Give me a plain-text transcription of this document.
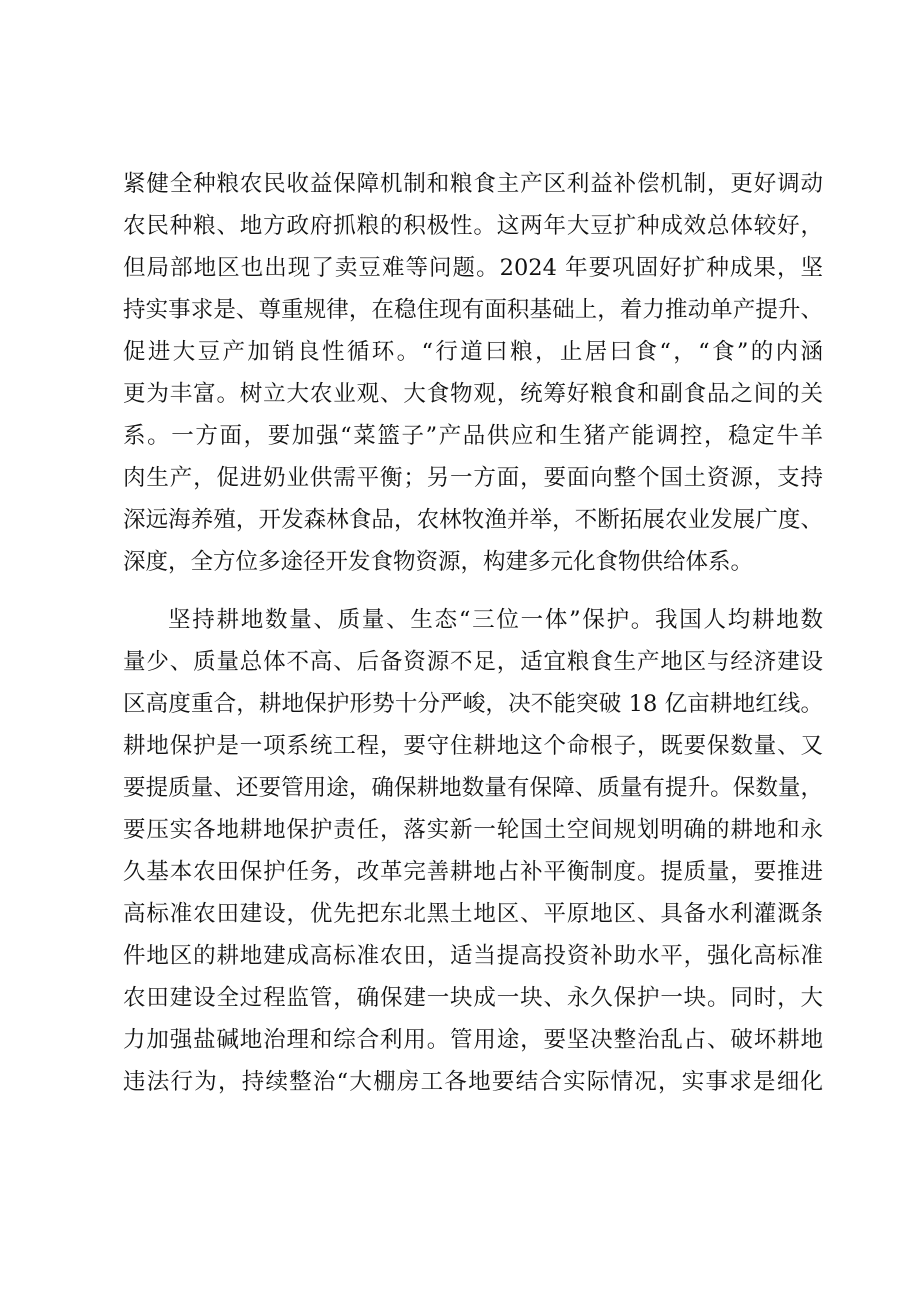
紧健全种粮农民收益保障机制和粮食主产区利益补偿机制，更好调动
农民种粮、地方政府抓粮的积极性。这两年大豆扩种成效总体较好，
但局部地区也出现了卖豆难等问题。2024 年要巩固好扩种成果，坚
持实事求是、尊重规律，在稳住现有面积基础上，着力推动单产提升、
促进大豆产加销良性循环。“行道曰粮，止居曰食“，“食”的内涵
更为丰富。树立大农业观、大食物观，统筹好粮食和副食品之间的关
系。一方面，要加强“菜篮子”产品供应和生猪产能调控，稳定牛羊
肉生产，促进奶业供需平衡；另一方面，要面向整个国土资源，支持
深远海养殖，开发森林食品，农林牧渔并举，不断拓展农业发展广度、
深度，全方位多途径开发食物资源，构建多元化食物供给体系。
坚持耕地数量、质量、生态“三位一体”保护。我国人均耕地数
量少、质量总体不高、后备资源不足，适宜粮食生产地区与经济建设
区高度重合，耕地保护形势十分严峻，决不能突破 18 亿亩耕地红线。
耕地保护是一项系统工程，要守住耕地这个命根子，既要保数量、又
要提质量、还要管用途，确保耕地数量有保障、质量有提升。保数量，
要压实各地耕地保护责任，落实新一轮国土空间规划明确的耕地和永
久基本农田保护任务，改革完善耕地占补平衡制度。提质量，要推进
高标准农田建设，优先把东北黑土地区、平原地区、具备水利灌溉条
件地区的耕地建成高标准农田，适当提高投资补助水平，强化高标准
农田建设全过程监管，确保建一块成一块、永久保护一块。同时，大
力加强盐碱地治理和综合利用。管用途，要坚决整治乱占、破坏耕地
违法行为，持续整治“大棚房工各地要结合实际情况，实事求是细化
